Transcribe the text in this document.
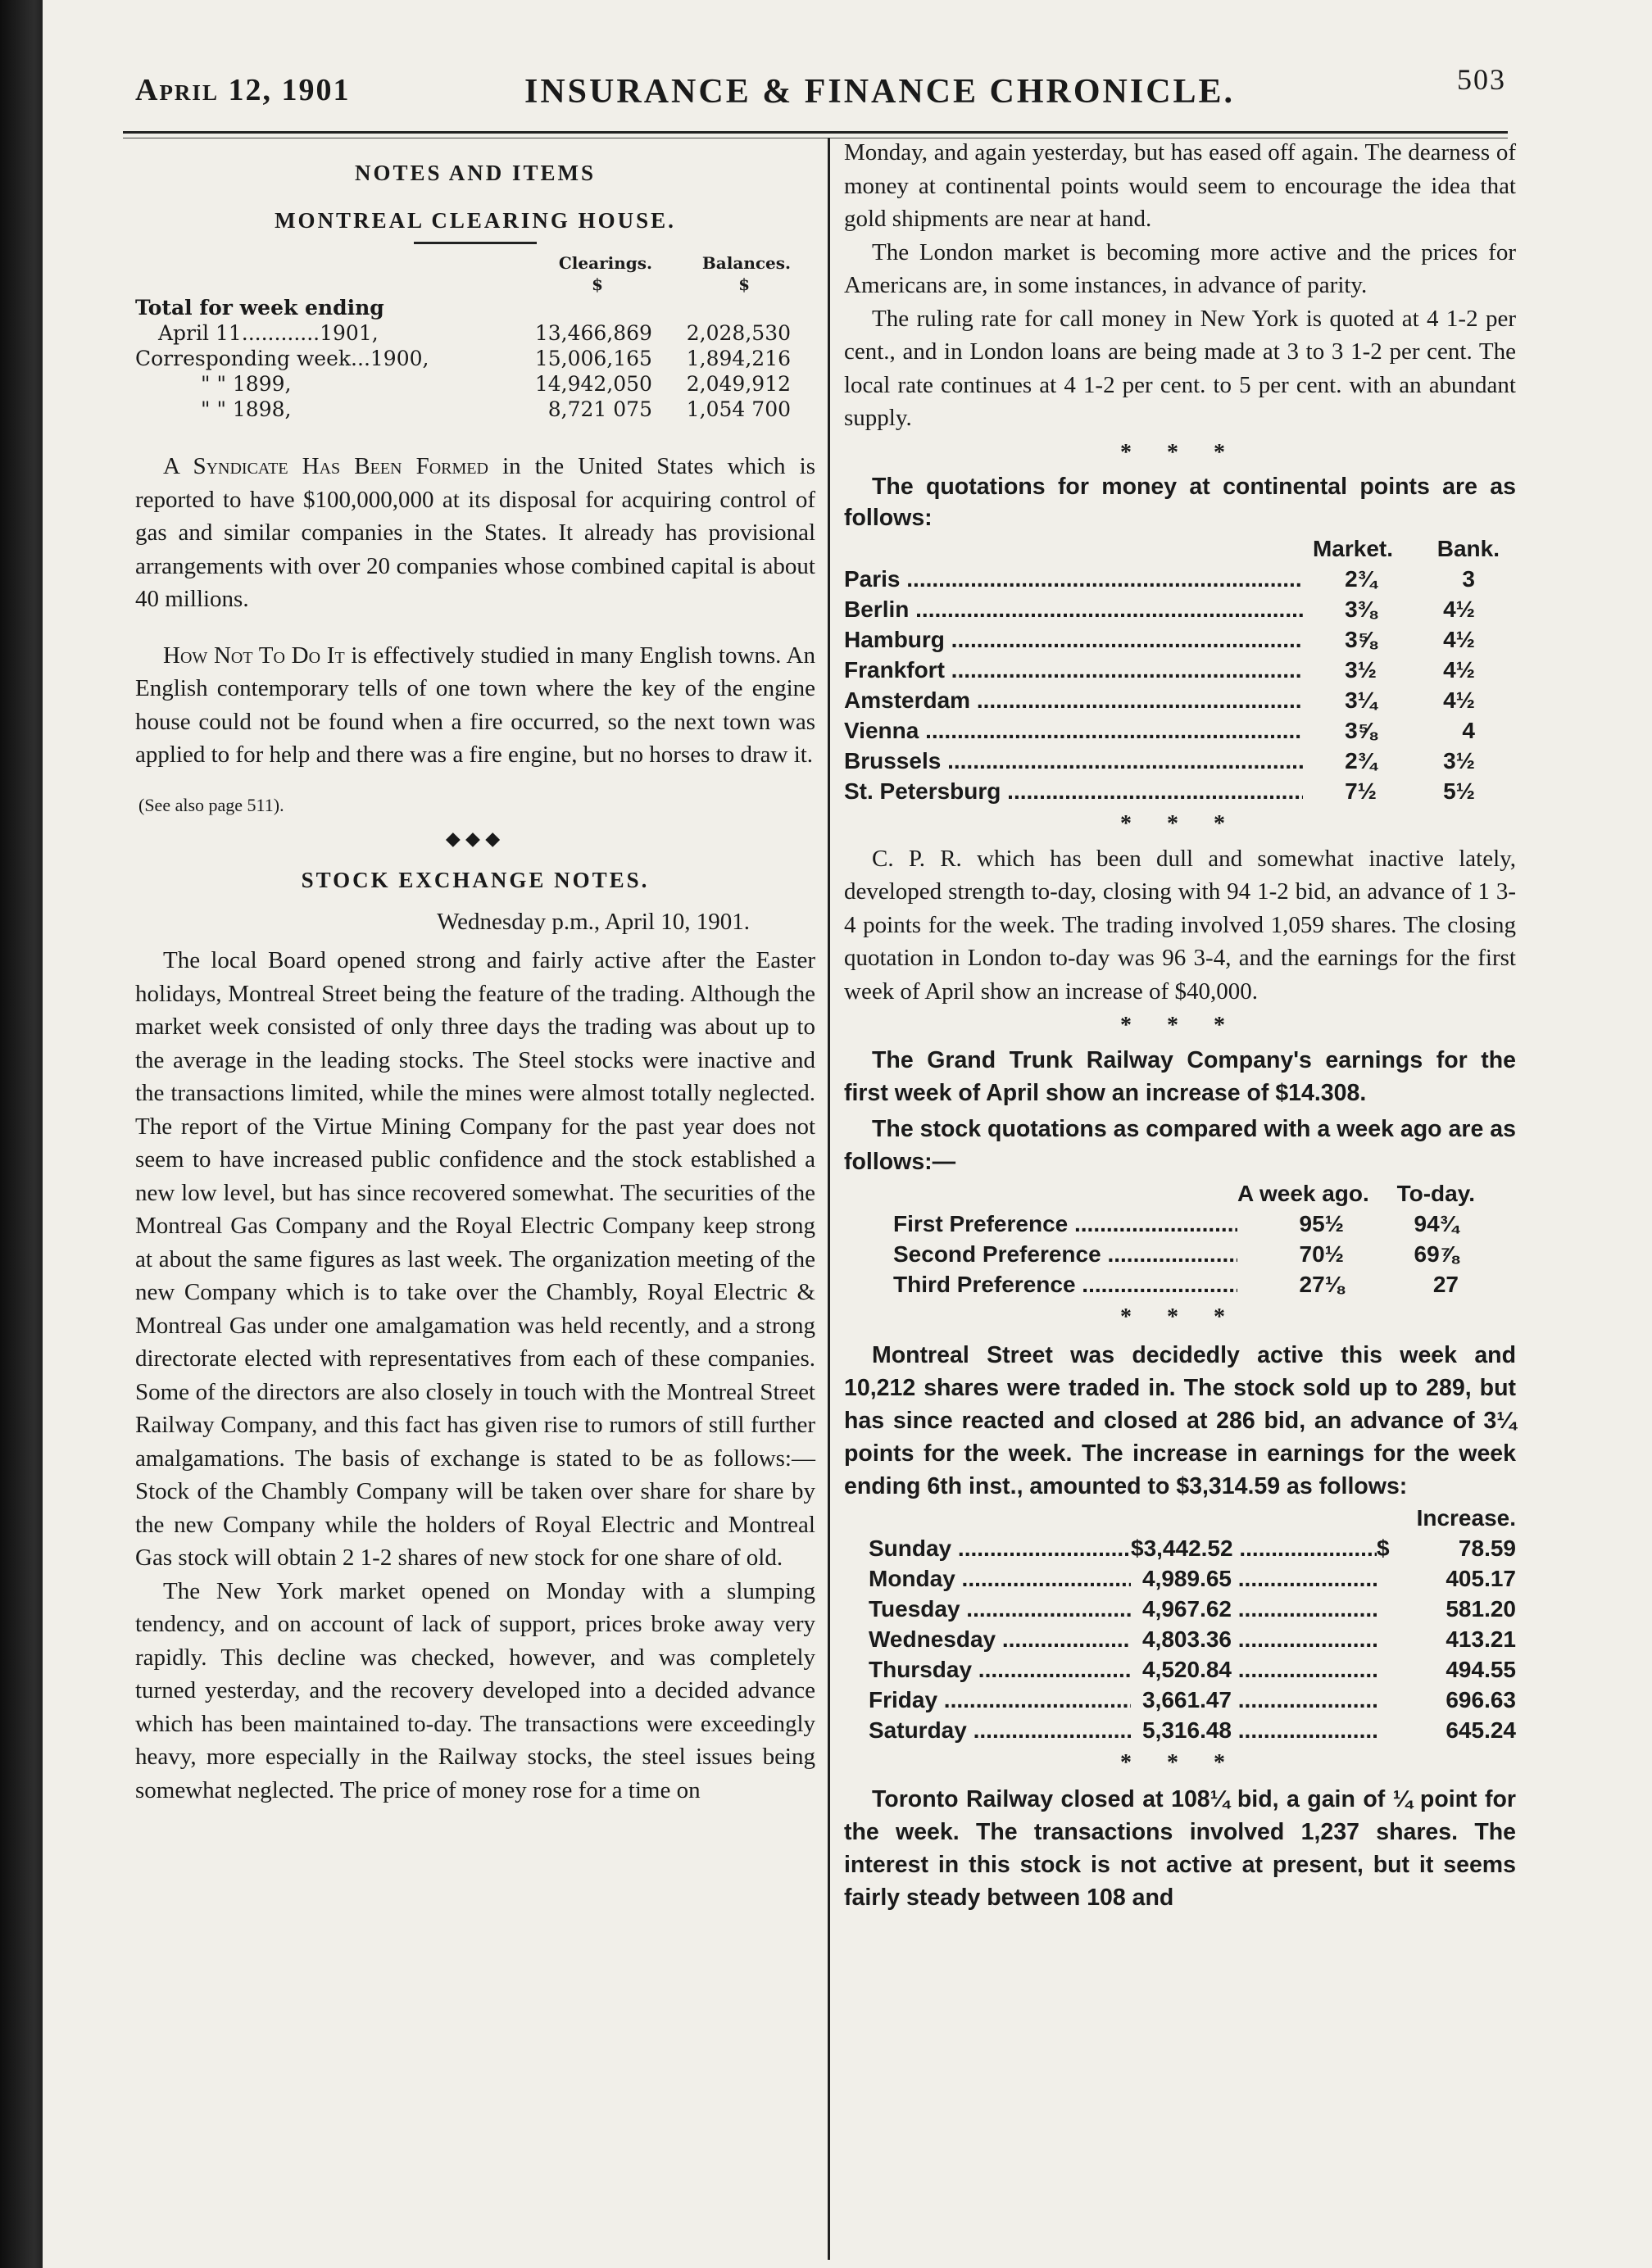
April 12, 1901	INSURANCE & FINANCE CHRONICLE.	503
NOTES AND ITEMS
MONTREAL CLEARING HOUSE.
	Clearings.	Balances.
	$	$
Total for week ending		
April 11............1901,	13,466,869	2,028,530
Corresponding week...1900,	15,006,165	1,894,216
" " 1899,	14,942,050	2,049,912
" " 1898,	8,721 075	1,054 700

A Syndicate Has Been Formed in the United States which is reported to have $100,000,000 at its disposal for acquiring control of gas and similar companies in the States. It already has provisional arrangements with over 20 companies whose combined capital is about 40 millions.

How Not To Do It is effectively studied in many English towns. An English contemporary tells of one town where the key of the engine house could not be found when a fire occurred, so the next town was applied to for help and there was a fire engine, but no horses to draw it.

(See also page 511).
⬥⬥⬥
STOCK EXCHANGE NOTES.
Wednesday p.m., April 10, 1901.

The local Board opened strong and fairly active after the Easter holidays, Montreal Street being the feature of the trading. Although the market week consisted of only three days the trading was about up to the average in the leading stocks. The Steel stocks were inactive and the transactions limited, while the mines were almost totally neglected. The report of the Virtue Mining Company for the past year does not seem to have increased public confidence and the stock established a new low level, but has since recovered somewhat. The securities of the Montreal Gas Company and the Royal Electric Company keep strong at about the same figures as last week. The organization meeting of the new Company which is to take over the Chambly, Royal Electric & Montreal Gas under one amalgamation was held recently, and a strong directorate elected with representatives from each of these companies. Some of the directors are also closely in touch with the Montreal Street Railway Company, and this fact has given rise to rumors of still further amalgamations. The basis of exchange is stated to be as follows:—Stock of the Chambly Company will be taken over share for share by the new Company while the holders of Royal Electric and Montreal Gas stock will obtain 2 1-2 shares of new stock for one share of old.

The New York market opened on Monday with a slumping tendency, and on account of lack of support, prices broke away very rapidly. This decline was checked, however, and was completely turned yesterday, and the recovery developed into a decided advance which has been maintained to-day. The transactions were exceedingly heavy, more especially in the Railway stocks, the steel issues being somewhat neglected. The price of money rose for a time on

Monday, and again yesterday, but has eased off again. The dearness of money at continental points would seem to encourage the idea that gold shipments are near at hand.

The London market is becoming more active and the prices for Americans are, in some instances, in advance of parity.

The ruling rate for call money in New York is quoted at 4 1-2 per cent., and in London loans are being made at 3 to 3 1-2 per cent. The local rate continues at 4 1-2 per cent. to 5 per cent. with an abundant supply.

* * *

The quotations for money at continental points are as follows:

	Market.	Bank.
Paris .....	2¾	3
Berlin .....	3⅜	4½
Hamburg .....	3⅝	4½
Frankfort .....	3½	4½
Amsterdam .....	3¼	4½
Vienna .....	3⅝	4
Brussels .....	2¾	3½
St. Petersburg .....	7½	5½
* * *

C. P. R. which has been dull and somewhat inactive lately, developed strength to-day, closing with 94 1-2 bid, an advance of 1 3-4 points for the week. The trading involved 1,059 shares. The closing quotation in London to-day was 96 3-4, and the earnings for the first week of April show an increase of $40,000.

* * *

The Grand Trunk Railway Company's earnings for the first week of April show an increase of $14.308.

The stock quotations as compared with a week ago are as follows:—

	A week ago.	To-day.
First Preference .....	95½	94¾
Second Preference .....	70½	69⅞
Third Preference .....	27⅛	27
* * *

Montreal Street was decidedly active this week and 10,212 shares were traded in. The stock sold up to 289, but has since reacted and closed at 286 bid, an advance of 3¼ points for the week. The increase in earnings for the week ending 6th inst., amounted to $3,314.59 as follows:

			Increase.
Sunday .....	$3,442.52 .....	$	78.59
Monday .....	4,989.65 .....		405.17
Tuesday .....	4,967.62 .....		581.20
Wednesday .....	4,803.36 .....		413.21
Thursday .....	4,520.84 .....		494.55
Friday .....	3,661.47 .....		696.63
Saturday .....	5,316.48 .....		645.24
* * *

Toronto Railway closed at 108¼ bid, a gain of ¼ point for the week. The transactions involved 1,237 shares. The interest in this stock is not active at present, but it seems fairly steady between 108 and
